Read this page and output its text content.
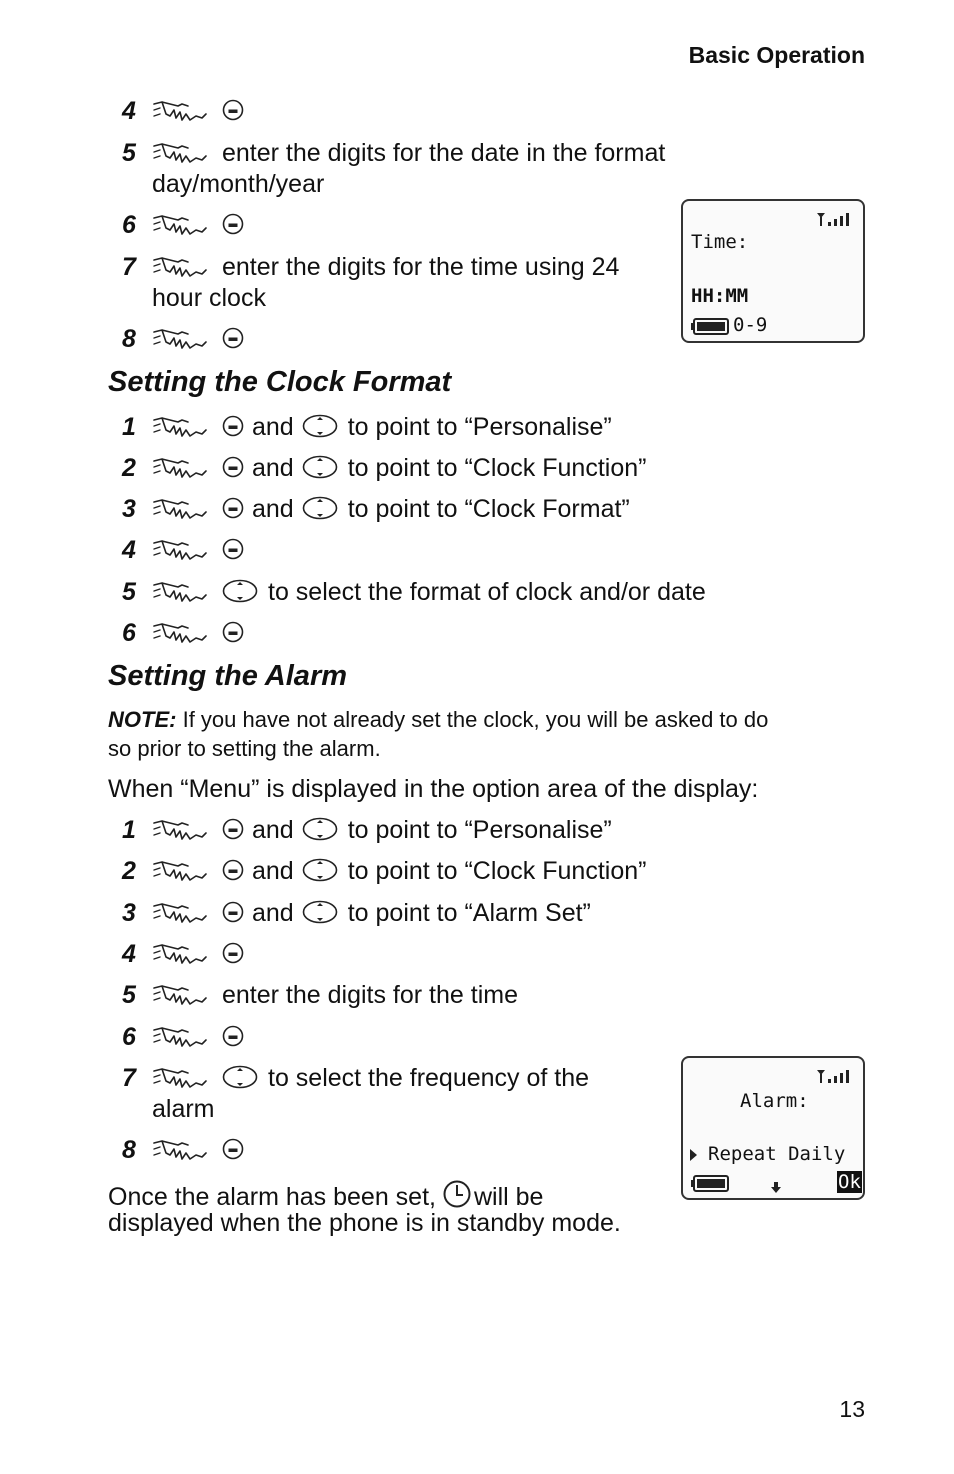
Basic Operation
4
5	enter the digits for the date in the format
day/month/year
6
7	enter the digits for the time using 24
hour clock
8
Time:
HH:MM
0-9
Setting the Clock Format
1	and to point to “Personalise”
2	and to point to “Clock Function”
3	and to point to “Clock Format”
4
5	to select the format of clock and/or date
6
Setting the Alarm
NOTE: If you have not already set the clock, you will be asked to do
so prior to setting the alarm.
When “Menu” is displayed in the option area of the display:
1	and to point to “Personalise”
2	and to point to “Clock Function”
3	and to point to “Alarm Set”
4
5	enter the digits for the time
6
7	to select the frequency of the
alarm
8
Once the alarm has been set, will be
displayed when the phone is in standby mode.
Alarm:
Repeat Daily
Ok
13
